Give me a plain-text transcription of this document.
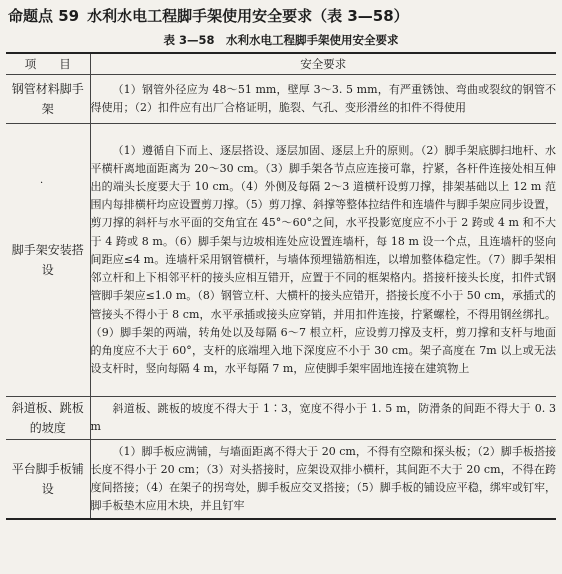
命题点 59 水利水电工程脚手架使用安全要求（表 3—58）
表 3—58　水利水电工程脚手架使用安全要求
项　　目	安全要求
钢管材料脚手架	（1）钢管外径应为 48～51 mm，壁厚 3～3. 5 mm，有严重锈蚀、弯曲或裂纹的钢管不得使用；（2）扣件应有出厂合格证明，脆裂、气孔、变形滑丝的扣件不得使用
脚手架安装搭设	（1）遵循自下而上、逐层搭设、逐层加固、逐层上升的原则。（2）脚手架底脚扫地杆、水平横杆离地面距离为 20～30 cm。（3）脚手架各节点应连接可靠，拧紧，各杆件连接处相互伸出的端头长度要大于 10 cm。（4）外侧及每隔 2～3 道横杆设剪刀撑，排架基础以上 12 m 范围内每排横杆均应设置剪刀撑。（5）剪刀撑、斜撑等整体拉结件和连墙件与脚手架应同步设置，剪刀撑的斜杆与水平面的交角宜在 45°～60°之间，水平投影宽度应不小于 2 跨或 4 m 和不大于 4 跨或 8 m。（6）脚手架与边坡相连处应设置连墙杆，每 18 m 设一个点，且连墙杆的竖向间距应≤4 m。连墙杆采用钢管横杆，与墙体预埋锚筋相连，以增加整体稳定性。（7）脚手架相邻立杆和上下相邻平杆的接头应相互错开，应置于不同的框架格内。搭接杆接头长度，扣件式钢管脚手架应≤1.0 m。（8）钢管立杆、大横杆的接头应错开，搭接长度不小于 50 cm，承插式的管接头不得小于 8 cm，水平承插或接头应穿销，并用扣件连接，拧紧螺栓，不得用钢丝绑扎。（9）脚手架的两端，转角处以及每隔 6～7 根立杆，应设剪刀撑及支杆，剪刀撑和支杆与地面的角度应不大于 60°，支杆的底端埋入地下深度应不小于 30 cm。架子高度在 7m 以上或无法设支杆时，竖向每隔 4 m，水平每隔 7 m，应使脚手架牢固地连接在建筑物上
斜道板、跳板的坡度	斜道板、跳板的坡度不得大于 1∶3，宽度不得小于 1. 5 m，防滑条的间距不得大于 0. 3 m
平台脚手板铺设	（1）脚手板应满铺，与墙面距离不得大于 20 cm，不得有空隙和探头板；（2）脚手板搭接长度不得小于 20 cm；（3）对头搭接时，应架设双排小横杆，其间距不大于 20 cm，不得在跨度间搭接；（4）在架子的拐弯处，脚手板应交叉搭接；（5）脚手板的铺设应平稳，绑牢或钉牢，脚手板垫木应用木块，并且钉牢
·
